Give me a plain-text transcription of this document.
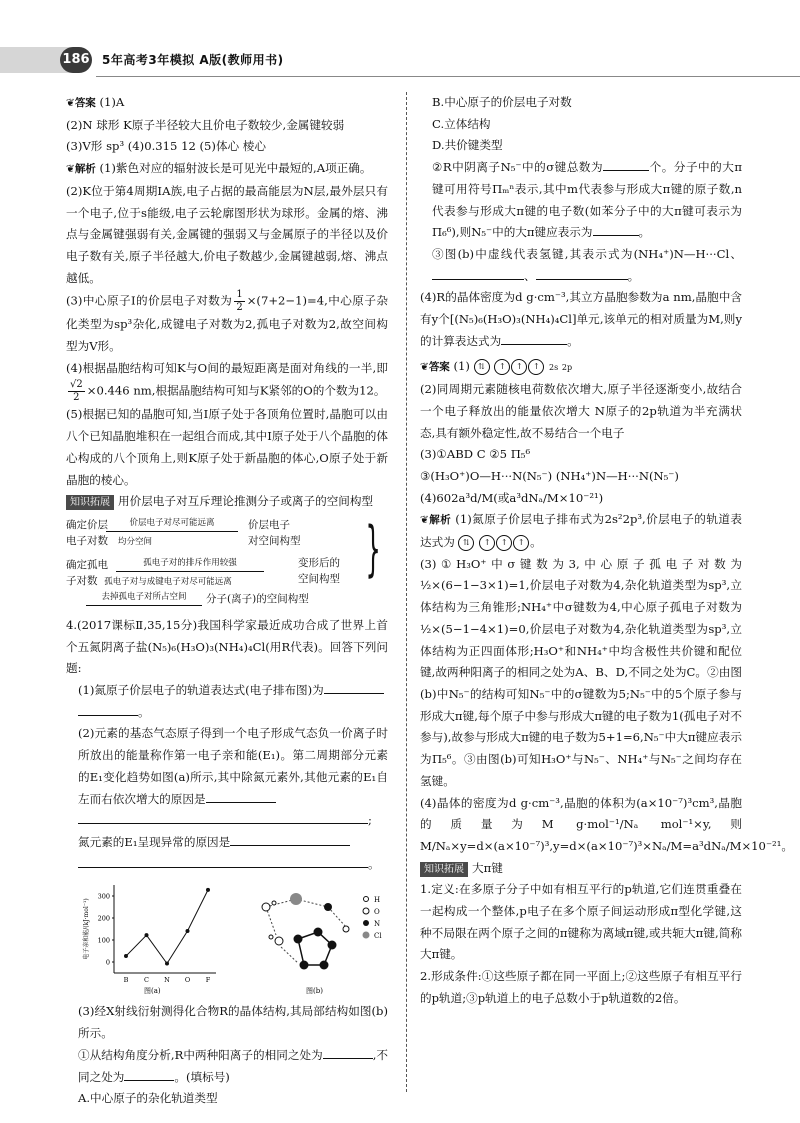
186 5年高考3年模拟 A版(教师用书)

❦答案 (1)A

(2)N 球形 K原子半径较大且价电子数较少,金属键较弱

(3)V形 sp³ (4)0.315 12 (5)体心 棱心

❦解析 (1)紫色对应的辐射波长是可见光中最短的,A项正确。

(2)K位于第4周期ⅠA族,电子占据的最高能层为N层,最外层只有一个电子,位于s能级,电子云轮廓图形状为球形。金属的熔、沸点与金属键强弱有关,金属键的强弱又与金属原子的半径以及价电子数有关,原子半径越大,价电子数越少,金属键越弱,熔、沸点越低。

(3)中心原子I的价层电子对数为 $\frac{1}{2} \times(7+2-1)=4$,中心原子杂化类型为sp³杂化,成键电子对数为2,孤电子对数为2,故空间构型为V形。

(4)根据晶胞结构可知K与O间的最短距离是面对角线的一半,即
$\frac{√2}{2} \times 0.446$ nm,根据晶胞结构可知与K紧邻的O的个数为12。

(5)根据已知的晶胞可知,当I原子处于各顶角位置时,晶胞可以由八个已知晶胞堆积在一起组合而成,其中I原子处于八个晶胞的体心构成的八个顶角上,则K原子处于新晶胞的体心,O原子处于新晶胞的棱心。

知识拓展 用价层电子对互斥理论推测分子或离子的空间构型

确定价层	价层电子对尽可能远离	价层电子
电子对数 均分空间	对空间构型
确定孤电	孤电子对的排斥作用较强
子对数 孤电子对与成键电子对尽可能远离
变形后的
空间构型
去掉孤电子对所占空间	分子(离子)的空间构型
}

4.(2017课标Ⅱ,35,15分)我国科学家最近成功合成了世界上首个五氮阴离子盐(N₅)₆(H₃O)₃(NH₄)₄Cl(用R代表)。回答下列问题:

(1)氮原子价层电子的轨道表达式(电子排布图)为

。

(2)元素的基态气态原子得到一个电子形成气态负一价离子时所放出的能量称作第一电子亲和能(E₁)。第二周期部分元素的E₁变化趋势如图(a)所示,其中除氮元素外,其他元素的E₁自左而右依次增大的原因是

;

氮元素的E₁呈现异常的原因是

。

0
100
200
300
B C N O F
电子亲和能/(kJ·mol⁻¹)	H
O
N
Cl
图(a)	图(b)

(3)经X射线衍射测得化合物R的晶体结构,其局部结构如图(b)所示。

①从结构角度分析,R中两种阳离子的相同之处为	,不同之处为	。(填标号)

A.中心原子的杂化轨道类型

B.中心原子的价层电子对数

C.立体结构

D.共价键类型

②R中阴离子N₅⁻中的σ键总数为	个。分子中的大π键可用符号Πₘⁿ表示,其中m代表参与形成大π键的原子数,n代表参与形成大π键的电子数(如苯分子中的大π键可表示为Π₆⁶),则N₅⁻中的大π键应表示为	。

③图(b)中虚线代表氢键,其表示式为(NH₄⁺)N—H···Cl、、	。

(4)R的晶体密度为d g·cm⁻³,其立方晶胞参数为a nm,晶胞中含有y个[(N₅)₆(H₃O)₃(NH₄)₄Cl]单元,该单元的相对质量为M,则y的计算表达式为	。

❦答案 (1) ⇅ ↑ ↑ ↑ 2s 2p

(2)同周期元素随核电荷数依次增大,原子半径逐渐变小,故结合一个电子释放出的能量依次增大 N原子的2p轨道为半充满状态,具有额外稳定性,故不易结合一个电子

(3)①ABD C ②5 Π₅⁶

③(H₃O⁺)O—H···N(N₅⁻) (NH₄⁺)N—H···N(N₅⁻)

(4)602a³d/M(或a³dNₐ/M×10⁻²¹)

❦解析 (1)氮原子价层电子排布式为2s²2p³,价层电子的轨道表达式为 ⇅ ↑ ↑ ↑ 。

(3)①H₃O⁺中σ键数为3,中心原子孤电子对数为½×(6−1−3×1)=1,价层电子对数为4,杂化轨道类型为sp³,立体结构为三角锥形;NH₄⁺中σ键数为4,中心原子孤电子对数为½×(5−1−4×1)=0,价层电子对数为4,杂化轨道类型为sp³,立体结构为正四面体形;H₃O⁺和NH₄⁺中均含极性共价键和配位键,故两种阳离子的相同之处为A、B、D,不同之处为C。②由图(b)中N₅⁻的结构可知N₅⁻中的σ键数为5;N₅⁻中的5个原子参与形成大π键,每个原子中参与形成大π键的电子数为1(孤电子对不参与),故参与形成大π键的电子数为5+1=6,N₅⁻中大π键应表示为Π₅⁶。③由图(b)可知H₃O⁺与N₅⁻、NH₄⁺与N₅⁻之间均存在氢键。

(4)晶体的密度为d g·cm⁻³,晶胞的体积为(a×10⁻⁷)³cm³,晶胞的质量为M g·mol⁻¹/Nₐ mol⁻¹×y,则M/Nₐ×y=d×(a×10⁻⁷)³,y=d×(a×10⁻⁷)³×Nₐ/M=a³dNₐ/M×10⁻²¹。

知识拓展 大π键

1.定义:在多原子分子中如有相互平行的p轨道,它们连贯重叠在一起构成一个整体,p电子在多个原子间运动形成π型化学键,这种不局限在两个原子之间的π键称为离域π键,或共轭大π键,简称大π键。

2.形成条件:①这些原子都在同一平面上;②这些原子有相互平行的p轨道;③p轨道上的电子总数小于p轨道数的2倍。
